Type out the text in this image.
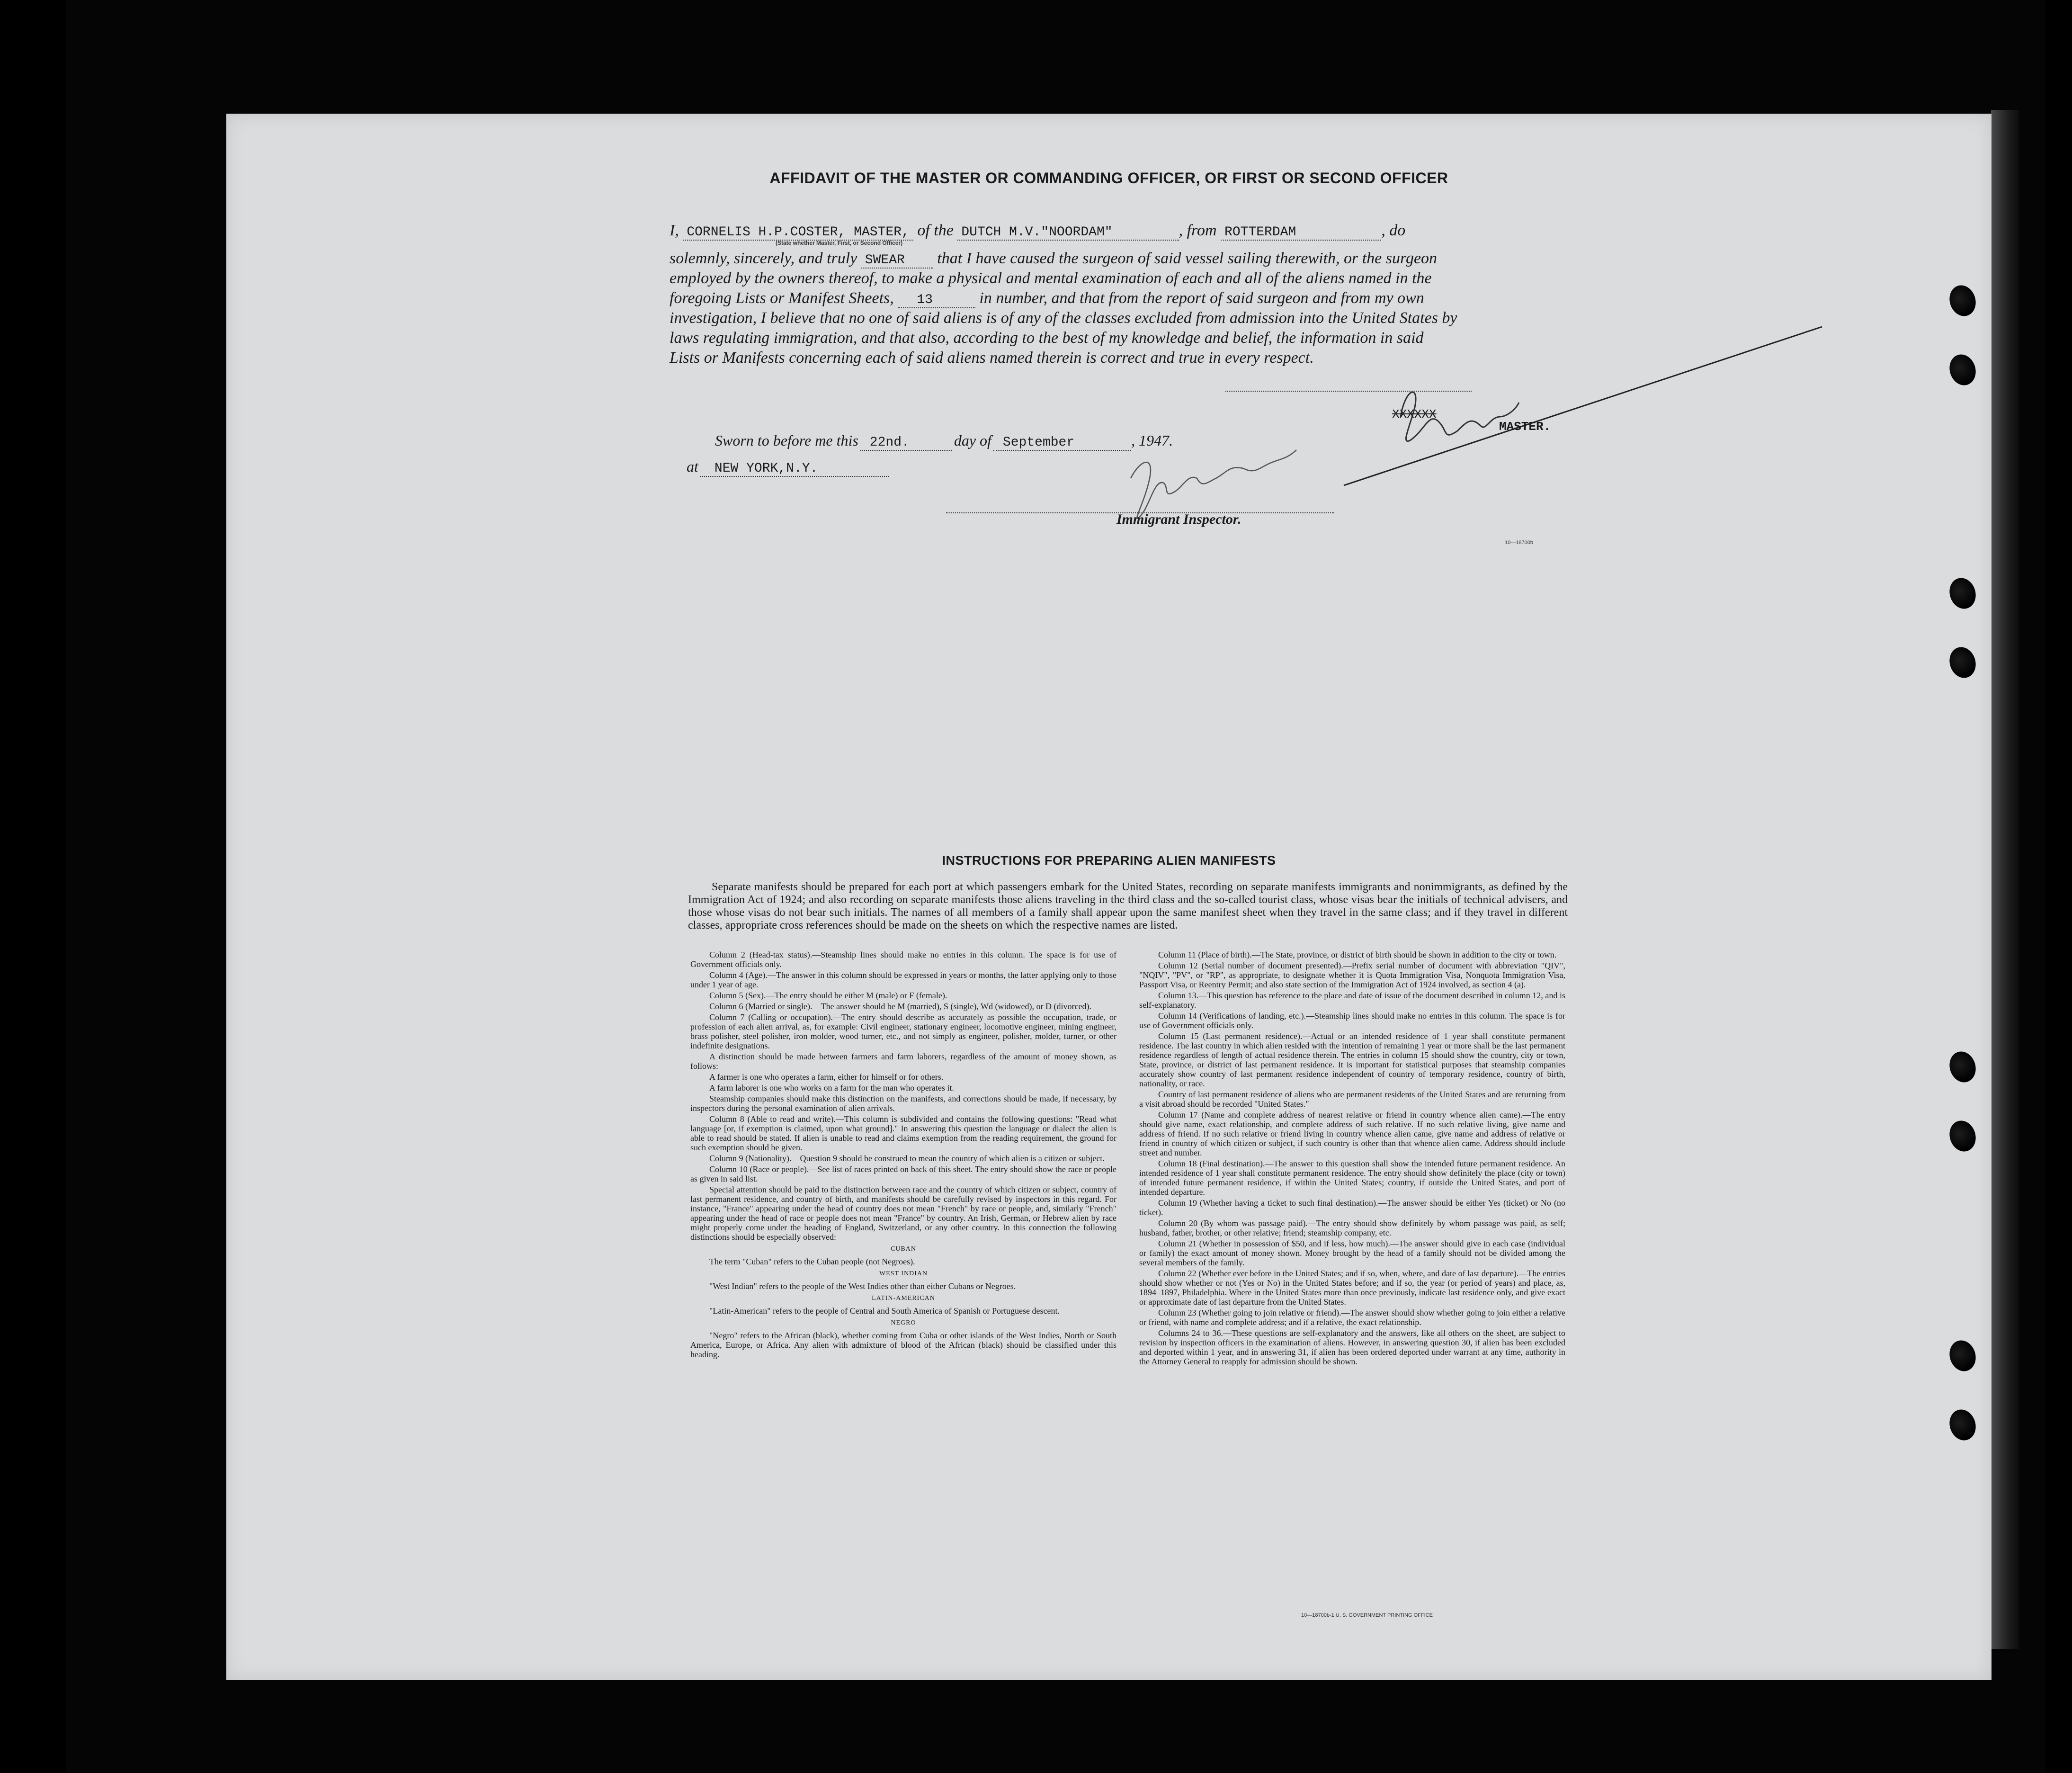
AFFIDAVIT OF THE MASTER OR COMMANDING OFFICER, OR FIRST OR SECOND OFFICER
I, CORNELIS H.P.COSTER, MASTER, of the DUTCH M.V."NOORDAM"	, from ROTTERDAM	, do
(State whether Master, First, or Second Officer)
solemnly, sincerely, and truly SWEAR that I have caused the surgeon of said vessel sailing therewith, or the surgeon
employed by the owners thereof, to make a physical and mental examination of each and all of the aliens named in the
foregoing Lists or Manifest Sheets, 13	in number, and that from the report of said surgeon and from my own
investigation, I believe that no one of said aliens is of any of the classes excluded from admission into the United States by
laws regulating immigration, and that also, according to the best of my knowledge and belief, the information in said
Lists or Manifests concerning each of said aliens named therein is correct and true in every respect.
XXXXXX
MASTER.
Sworn to before me this 22nd.	day of September	, 1947.
at NEW YORK,N.Y.
Immigrant Inspector.
10—18700b
INSTRUCTIONS FOR PREPARING ALIEN MANIFESTS
Separate manifests should be prepared for each port at which passengers embark for the United States, recording on separate manifests immigrants and nonimmigrants, as defined by the Immigration Act of 1924; and also recording on separate manifests those aliens traveling in the third class and the so-called tourist class, whose visas bear the initials of technical advisers, and those whose visas do not bear such initials. The names of all members of a family shall appear upon the same manifest sheet when they travel in the same class; and if they travel in different classes, appropriate cross references should be made on the sheets on which the respective names are listed.

Column 2 (Head-tax status).—Steamship lines should make no entries in this column. The space is for use of Government officials only.

Column 4 (Age).—The answer in this column should be expressed in years or months, the latter applying only to those under 1 year of age.

Column 5 (Sex).—The entry should be either M (male) or F (female).

Column 6 (Married or single).—The answer should be M (married), S (single), Wd (widowed), or D (divorced).

Column 7 (Calling or occupation).—The entry should describe as accurately as possible the occupation, trade, or profession of each alien arrival, as, for example: Civil engineer, stationary engineer, locomotive engineer, mining engineer, brass polisher, steel polisher, iron molder, wood turner, etc., and not simply as engineer, polisher, molder, turner, or other indefinite designations.

A distinction should be made between farmers and farm laborers, regardless of the amount of money shown, as follows:

A farmer is one who operates a farm, either for himself or for others.

A farm laborer is one who works on a farm for the man who operates it.

Steamship companies should make this distinction on the manifests, and corrections should be made, if necessary, by inspectors during the personal examination of alien arrivals.

Column 8 (Able to read and write).—This column is subdivided and contains the following questions: "Read what language [or, if exemption is claimed, upon what ground]." In answering this question the language or dialect the alien is able to read should be stated. If alien is unable to read and claims exemption from the reading requirement, the ground for such exemption should be given.

Column 9 (Nationality).—Question 9 should be construed to mean the country of which alien is a citizen or subject.

Column 10 (Race or people).—See list of races printed on back of this sheet. The entry should show the race or people as given in said list.

Special attention should be paid to the distinction between race and the country of which citizen or subject, country of last permanent residence, and country of birth, and manifests should be carefully revised by inspectors in this regard. For instance, "France" appearing under the head of country does not mean "French" by race or people, and, similarly "French" appearing under the head of race or people does not mean "France" by country. An Irish, German, or Hebrew alien by race might properly come under the heading of England, Switzerland, or any other country. In this connection the following distinctions should be especially observed:

CUBAN

The term "Cuban" refers to the Cuban people (not Negroes).

WEST INDIAN

"West Indian" refers to the people of the West Indies other than either Cubans or Negroes.

LATIN-AMERICAN

"Latin-American" refers to the people of Central and South America of Spanish or Portuguese descent.

NEGRO

"Negro" refers to the African (black), whether coming from Cuba or other islands of the West Indies, North or South America, Europe, or Africa. Any alien with admixture of blood of the African (black) should be classified under this heading.

Column 11 (Place of birth).—The State, province, or district of birth should be shown in addition to the city or town.

Column 12 (Serial number of document presented).—Prefix serial number of document with abbreviation "QIV", "NQIV", "PV", or "RP", as appropriate, to designate whether it is Quota Immigration Visa, Nonquota Immigration Visa, Passport Visa, or Reentry Permit; and also state section of the Immigration Act of 1924 involved, as section 4 (a).

Column 13.—This question has reference to the place and date of issue of the document described in column 12, and is self-explanatory.

Column 14 (Verifications of landing, etc.).—Steamship lines should make no entries in this column. The space is for use of Government officials only.

Column 15 (Last permanent residence).—Actual or an intended residence of 1 year shall constitute permanent residence. The last country in which alien resided with the intention of remaining 1 year or more shall be the last permanent residence regardless of length of actual residence therein. The entries in column 15 should show the country, city or town, State, province, or district of last permanent residence. It is important for statistical purposes that steamship companies accurately show country of last permanent residence independent of country of temporary residence, country of birth, nationality, or race.

Country of last permanent residence of aliens who are permanent residents of the United States and are returning from a visit abroad should be recorded "United States."

Column 17 (Name and complete address of nearest relative or friend in country whence alien came).—The entry should give name, exact relationship, and complete address of such relative. If no such relative living, give name and address of friend. If no such relative or friend living in country whence alien came, give name and address of relative or friend in country of which citizen or subject, if such country is other than that whence alien came. Address should include street and number.

Column 18 (Final destination).—The answer to this question shall show the intended future permanent residence. An intended residence of 1 year shall constitute permanent residence. The entry should show definitely the place (city or town) of intended future permanent residence, if within the United States; country, if outside the United States, and port of intended departure.

Column 19 (Whether having a ticket to such final destination).—The answer should be either Yes (ticket) or No (no ticket).

Column 20 (By whom was passage paid).—The entry should show definitely by whom passage was paid, as self; husband, father, brother, or other relative; friend; steamship company, etc.

Column 21 (Whether in possession of $50, and if less, how much).—The answer should give in each case (individual or family) the exact amount of money shown. Money brought by the head of a family should not be divided among the several members of the family.

Column 22 (Whether ever before in the United States; and if so, when, where, and date of last departure).—The entries should show whether or not (Yes or No) in the United States before; and if so, the year (or period of years) and place, as, 1894–1897, Philadelphia. Where in the United States more than once previously, indicate last residence only, and give exact or approximate date of last departure from the United States.

Column 23 (Whether going to join relative or friend).—The answer should show whether going to join either a relative or friend, with name and complete address; and if a relative, the exact relationship.

Columns 24 to 36.—These questions are self-explanatory and the answers, like all others on the sheet, are subject to revision by inspection officers in the examination of aliens. However, in answering question 30, if alien has been excluded and deported within 1 year, and in answering 31, if alien has been ordered deported under warrant at any time, authority in the Attorney General to reapply for admission should be shown.

10—18700b-1 U. S. GOVERNMENT PRINTING OFFICE
